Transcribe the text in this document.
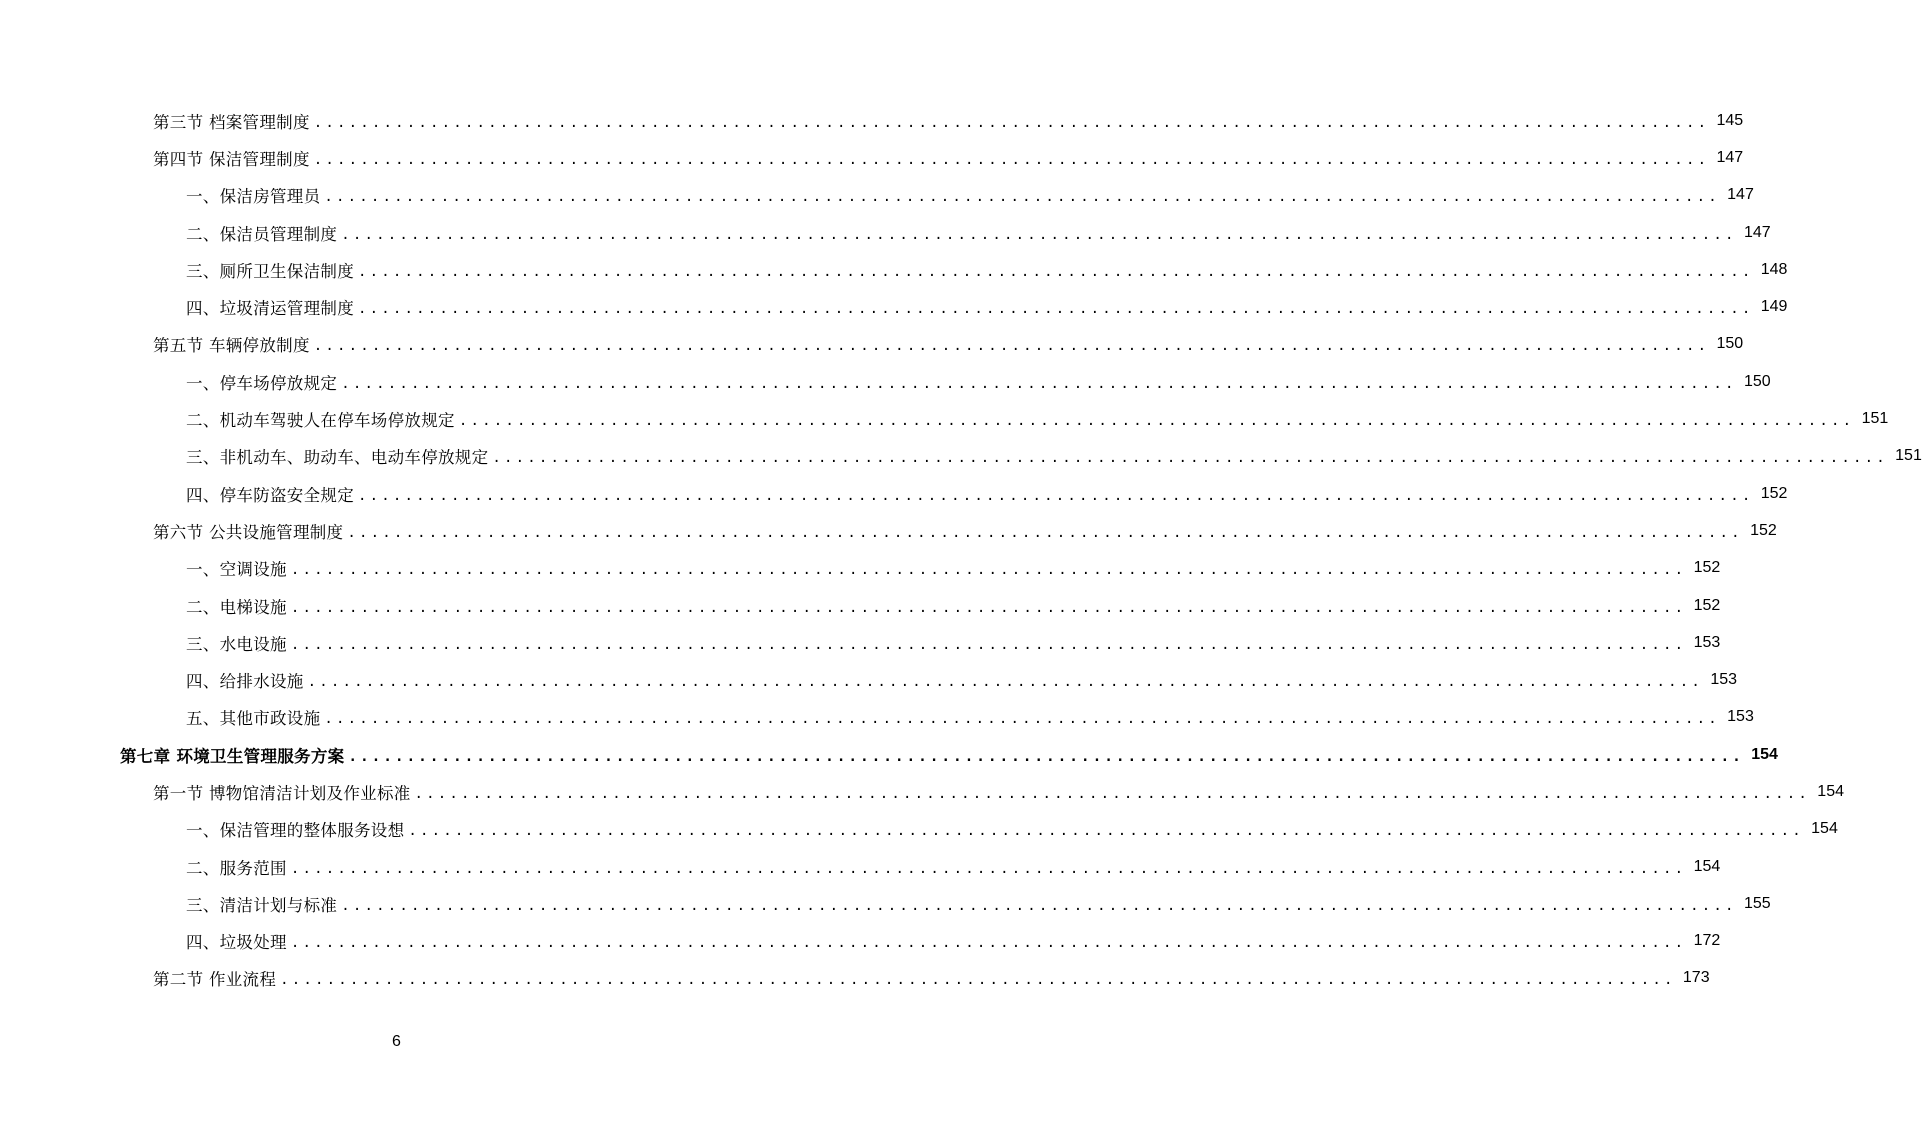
第三节 档案管理制度 ........................................................................................................................ 145
第四节 保洁管理制度 ........................................................................................................................ 147
一、保洁房管理员 ........................................................................................................................ 147
二、保洁员管理制度 ........................................................................................................................ 147
三、厕所卫生保洁制度 ........................................................................................................................ 148
四、垃圾清运管理制度 ........................................................................................................................ 149
第五节 车辆停放制度 ........................................................................................................................ 150
一、停车场停放规定 ........................................................................................................................ 150
二、机动车驾驶人在停车场停放规定 ........................................................................................................................ 151
三、非机动车、助动车、电动车停放规定 ........................................................................................................................ 151
四、停车防盗安全规定 ........................................................................................................................ 152
第六节 公共设施管理制度 ........................................................................................................................ 152
一、空调设施 ........................................................................................................................ 152
二、电梯设施 ........................................................................................................................ 152
三、水电设施 ........................................................................................................................ 153
四、给排水设施 ........................................................................................................................ 153
五、其他市政设施 ........................................................................................................................ 153
第七章 环境卫生管理服务方案 ........................................................................................................................ 154
第一节 博物馆清洁计划及作业标准 ........................................................................................................................ 154
一、保洁管理的整体服务设想 ........................................................................................................................ 154
二、服务范围 ........................................................................................................................ 154
三、清洁计划与标准 ........................................................................................................................ 155
四、垃圾处理 ........................................................................................................................ 172
第二节 作业流程 ........................................................................................................................ 173
6
